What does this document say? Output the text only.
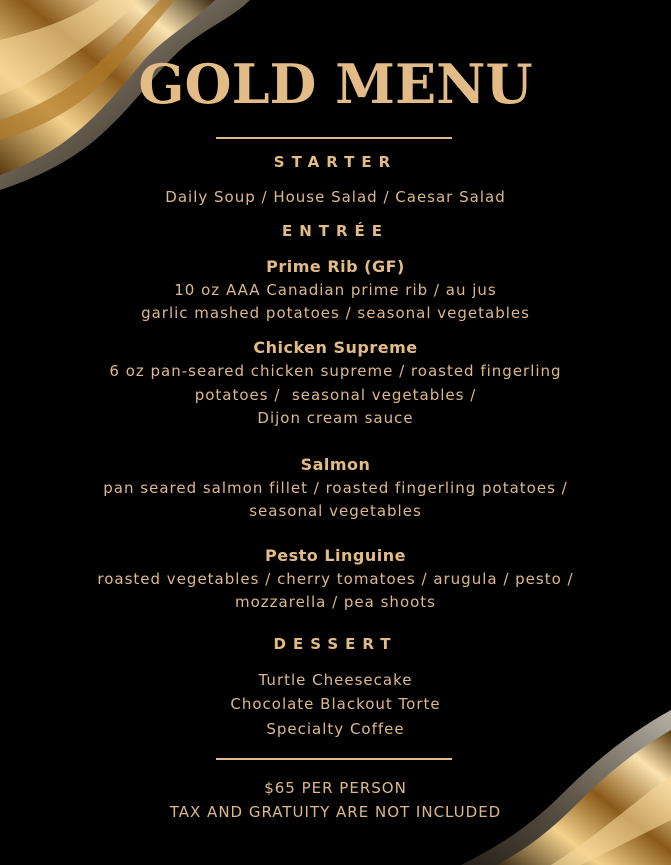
GOLD MENU
STARTER
Daily Soup / House Salad / Caesar Salad
ENTRÉE
Prime Rib (GF)
10 oz AAA Canadian prime rib / au jus
garlic mashed potatoes / seasonal vegetables
Chicken Supreme
6 oz pan-seared chicken supreme / roasted fingerling
potatoes /  seasonal vegetables /
Dijon cream sauce
Salmon
pan seared salmon fillet / roasted fingerling potatoes /
seasonal vegetables
Pesto Linguine
roasted vegetables / cherry tomatoes / arugula / pesto /
mozzarella / pea shoots
DESSERT
Turtle Cheesecake
Chocolate Blackout Torte
Specialty Coffee
$65 PER PERSON
TAX AND GRATUITY ARE NOT INCLUDED
